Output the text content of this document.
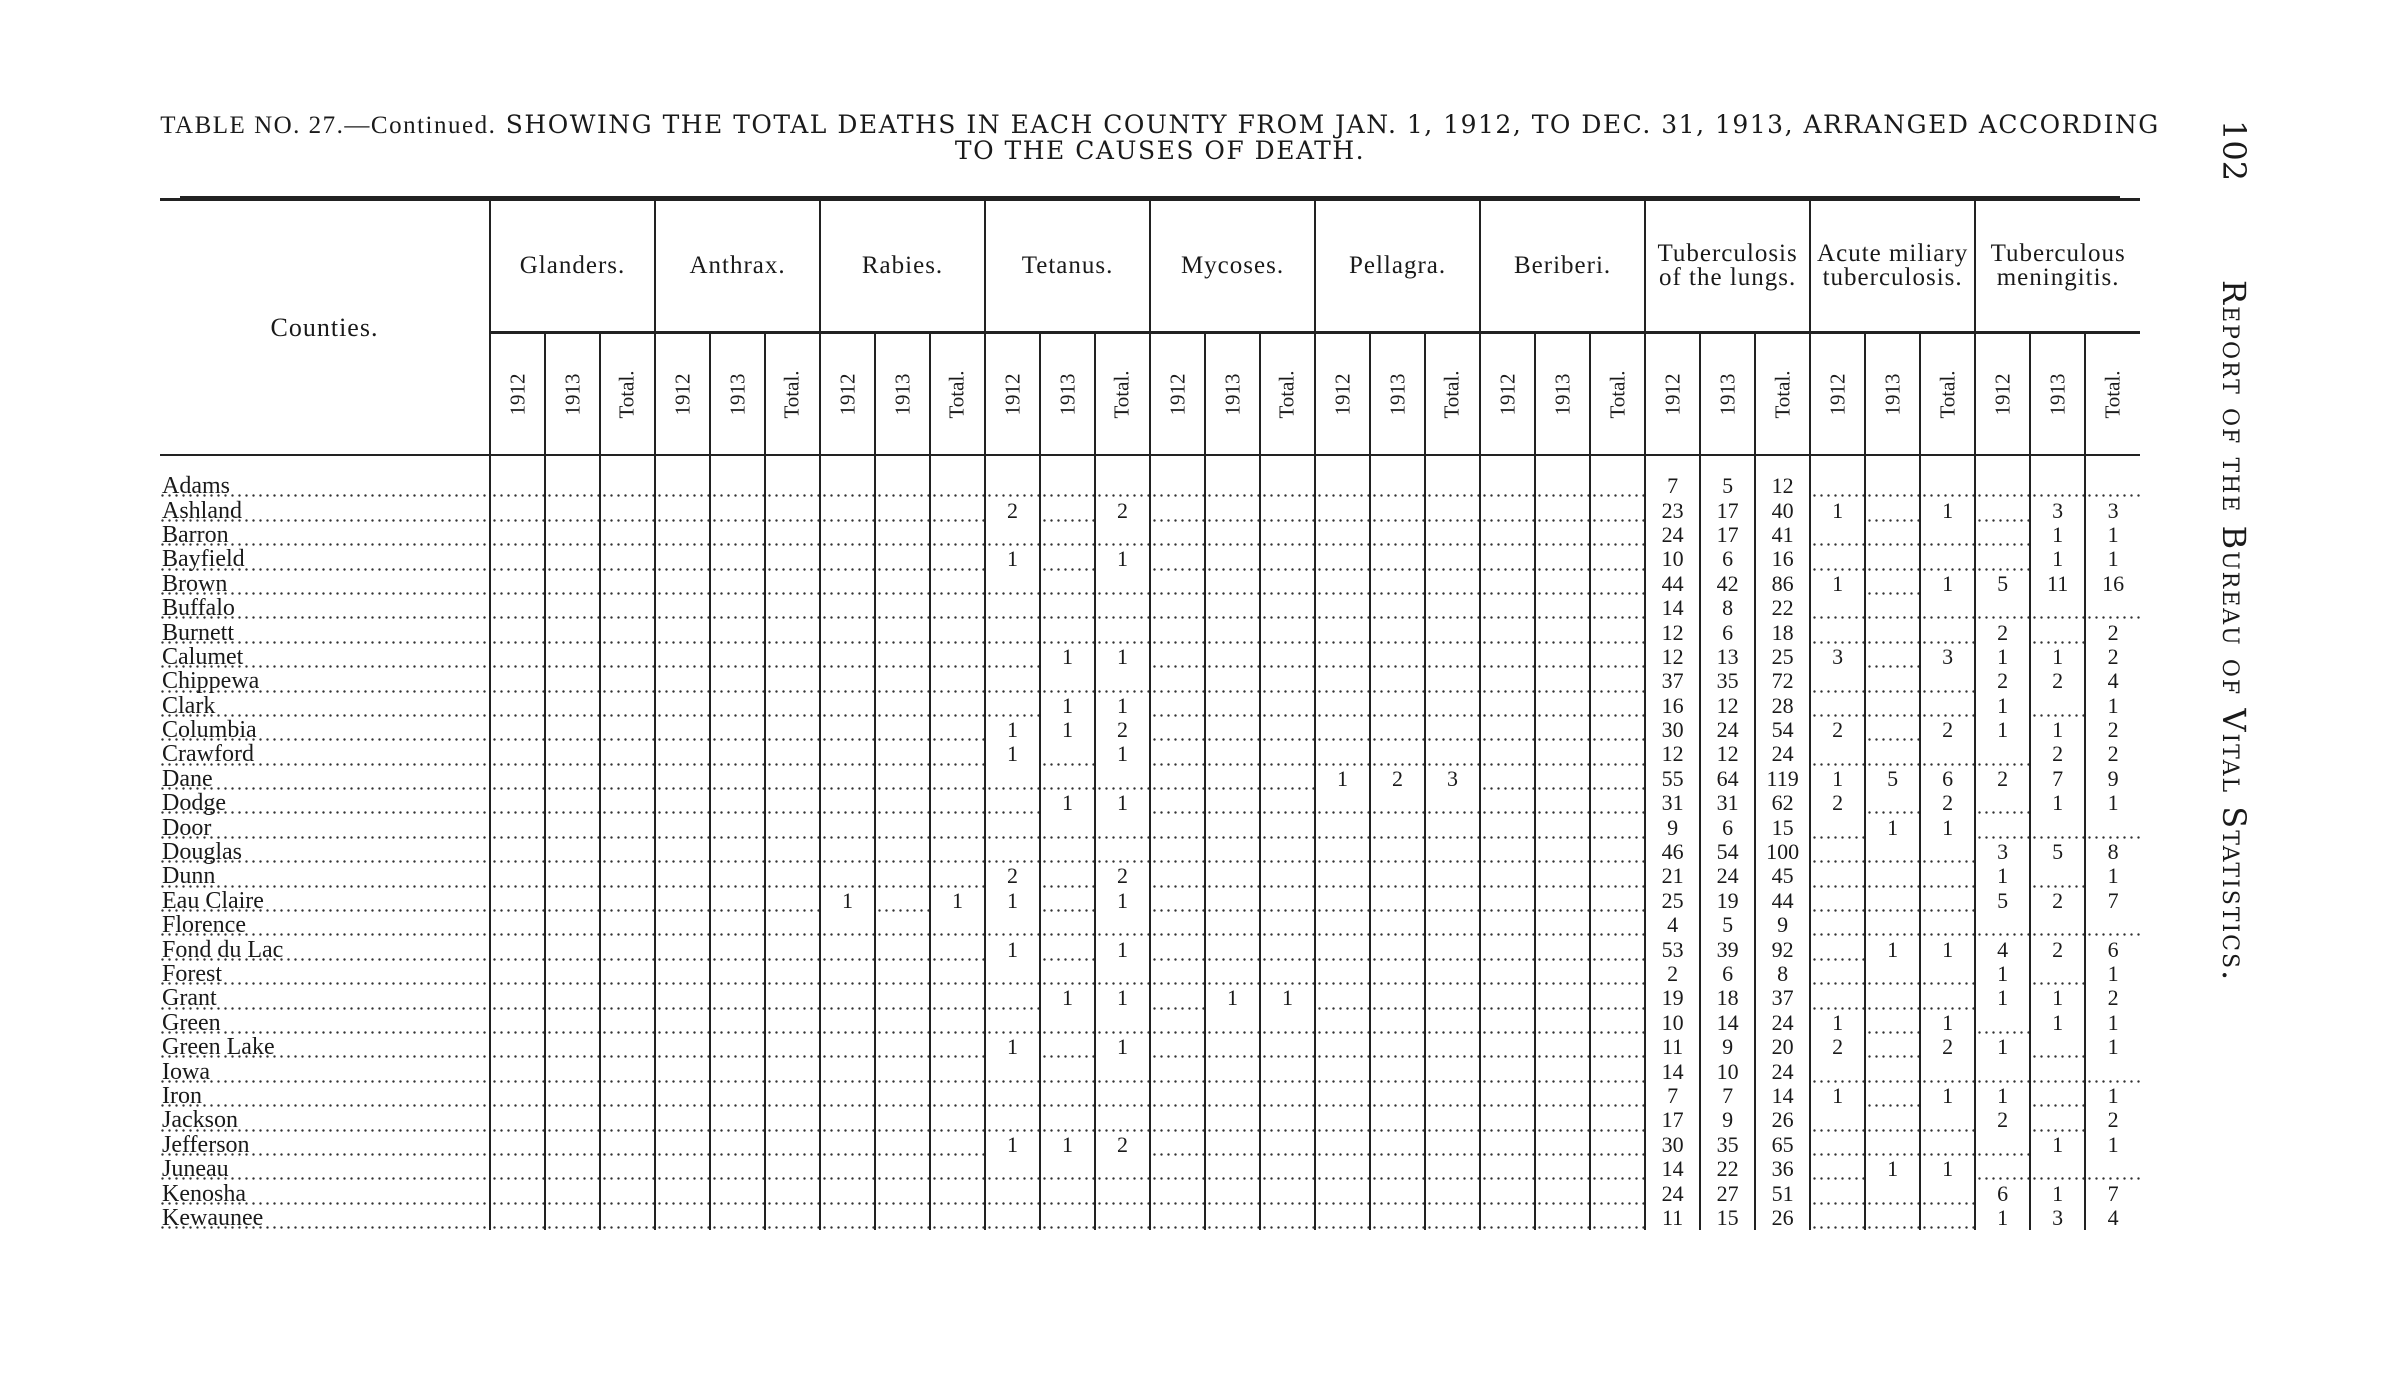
TABLE NO. 27.—Continued. SHOWING THE TOTAL DEATHS IN EACH COUNTY FROM JAN. 1, 1912, TO DEC. 31, 1913, ARRANGED ACCORDING
TO THE CAUSES OF DEATH.	102
Report of the Bureau of Vital Statistics.
Counties.	Glanders.			Anthrax.			Rabies.			Tetanus.			Mycoses.			Pellagra.			Beriberi.			Tuberculosis of the lungs.			Acute miliary tuberculosis.			Tuberculous meningitis.		
	1912	1913	Total.	1912	1913	Total.	1912	1913	Total.	1912	1913	Total.	1912	1913	Total.	1912	1913	Total.	1912	1913	Total.	1912	1913	Total.	1912	1913	Total.	1912	1913	Total.
Adams																						7	5	12						
Ashland										2		2										23	17	40	1		1		3	3
Barron																						24	17	41					1	1
Bayfield										1		1										10	6	16					1	1
Brown																						44	42	86	1		1	5	11	16
Buffalo																						14	8	22						
Burnett																						12	6	18				2		2
Calumet											1	1										12	13	25	3		3	1	1	2
Chippewa																						37	35	72				2	2	4
Clark											1	1										16	12	28				1		1
Columbia										1	1	2										30	24	54	2		2	1	1	2
Crawford										1		1										12	12	24					2	2
Dane																1	2	3				55	64	119	1	5	6	2	7	9
Dodge											1	1										31	31	62	2		2		1	1
Door																						9	6	15		1	1			
Douglas																						46	54	100				3	5	8
Dunn										2		2										21	24	45				1		1
Eau Claire							1		1	1		1										25	19	44				5	2	7
Florence																						4	5	9						
Fond du Lac										1		1										53	39	92		1	1	4	2	6
Forest																						2	6	8				1		1
Grant											1	1		1	1							19	18	37				1	1	2
Green																						10	14	24	1		1		1	1
Green Lake										1		1										11	9	20	2		2	1		1
Iowa																						14	10	24						
Iron																						7	7	14	1		1	1		1
Jackson																						17	9	26				2		2
Jefferson										1	1	2										30	35	65					1	1
Juneau																						14	22	36		1	1			
Kenosha																						24	27	51				6	1	7
Kewaunee																						11	15	26				1	3	4
